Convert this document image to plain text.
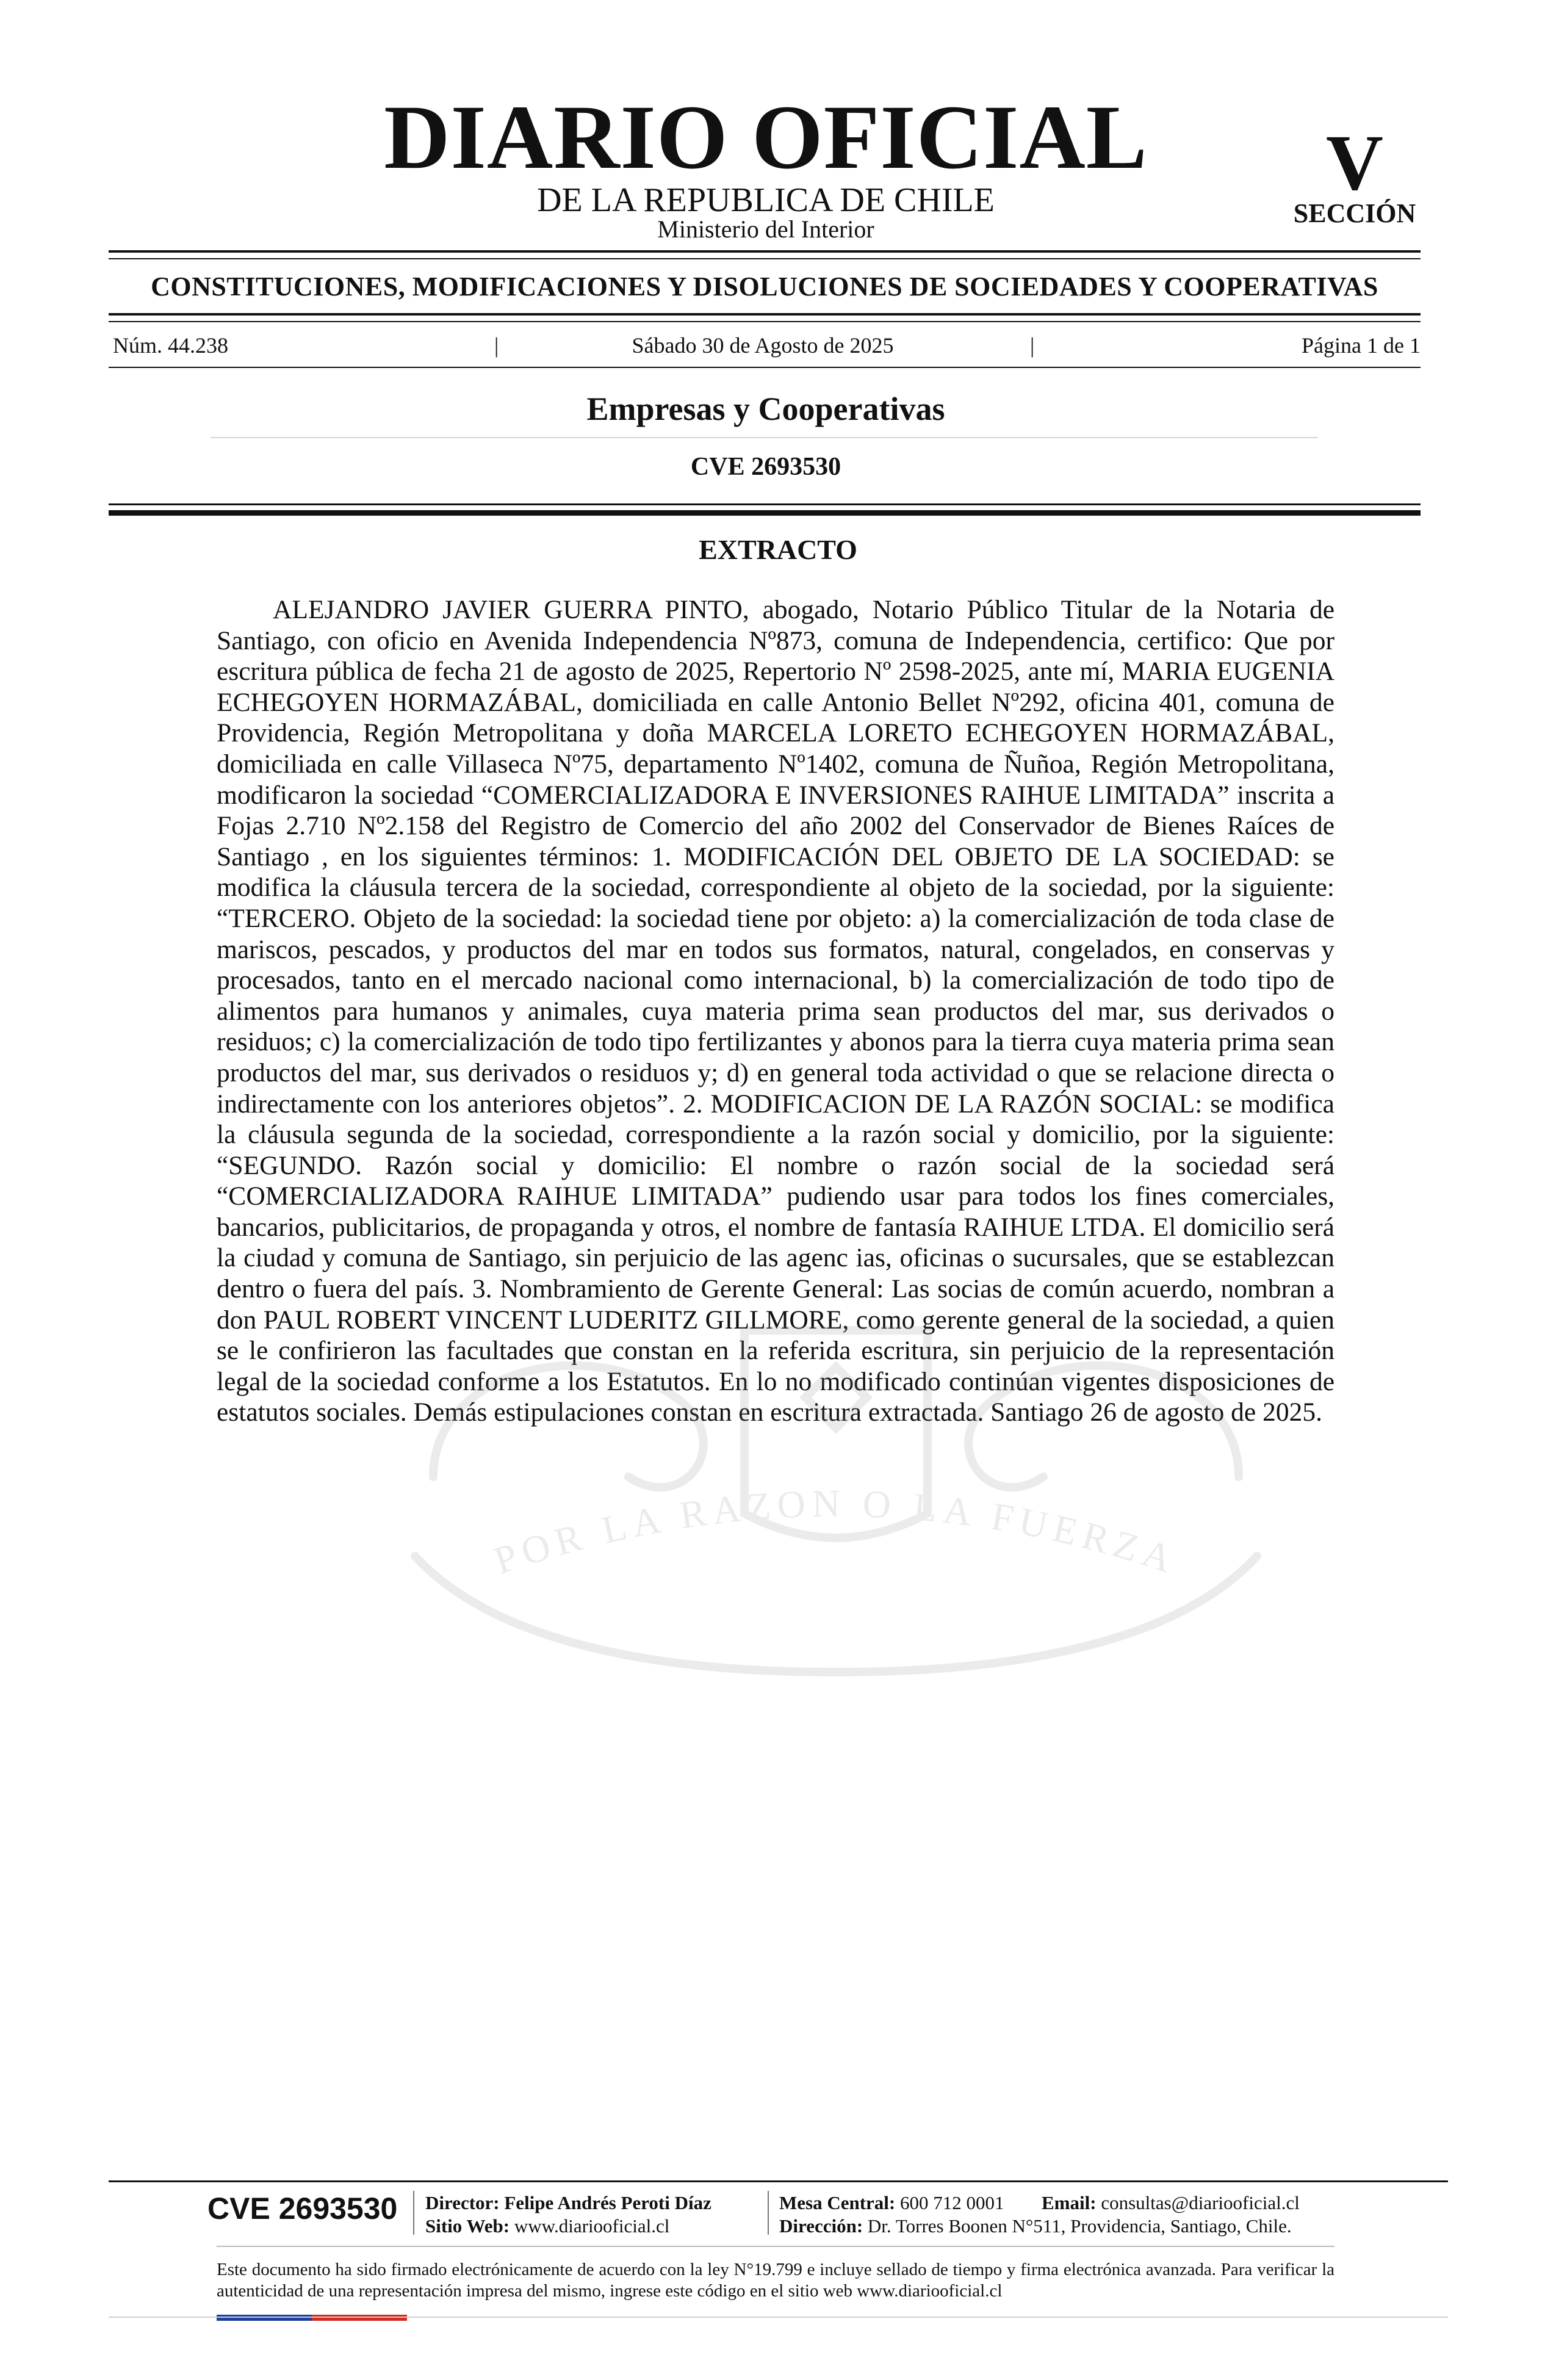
DIARIO OFICIAL
DE LA REPUBLICA DE CHILE
Ministerio del Interior
V
SECCIÓN
CONSTITUCIONES, MODIFICACIONES Y DISOLUCIONES DE SOCIEDADES Y COOPERATIVAS
Núm. 44.238	|	Sábado 30 de Agosto de 2025	|	Página 1 de 1
Empresas y Cooperativas
CVE 2693530
EXTRACTO

ALEJANDRO JAVIER GUERRA PINTO, abogado, Notario Público Titular de la Notaria de Santiago, con oficio en Avenida Independencia Nº873, comuna de Independencia, certifico: Que por escritura pública de fecha 21 de agosto de 2025, Repertorio Nº 2598-2025, ante mí, MARIA EUGENIA ECHEGOYEN HORMAZÁBAL, domiciliada en calle Antonio Bellet Nº292, oficina 401, comuna de Providencia, Región Metropolitana y doña MARCELA LORETO ECHEGOYEN HORMAZÁBAL, domiciliada en calle Villaseca Nº75, departamento Nº1402, comuna de Ñuñoa, Región Metropolitana, modificaron la sociedad “COMERCIALIZADORA E INVERSIONES RAIHUE LIMITADA” inscrita a Fojas 2.710 Nº2.158 del Registro de Comercio del año 2002 del Conservador de Bienes Raíces de Santiago , en los siguientes términos: 1. MODIFICACIÓN DEL OBJETO DE LA SOCIEDAD: se modifica la cláusula tercera de la sociedad, correspondiente al objeto de la sociedad, por la siguiente: “TERCERO. Objeto de la sociedad: la sociedad tiene por objeto: a) la comercialización de toda clase de mariscos, pescados, y productos del mar en todos sus formatos, natural, congelados, en conservas y procesados, tanto en el mercado nacional como internacional, b) la comercialización de todo tipo de alimentos para humanos y animales, cuya materia prima sean productos del mar, sus derivados o residuos; c) la comercialización de todo tipo fertilizantes y abonos para la tierra cuya materia prima sean productos del mar, sus derivados o residuos y; d) en general toda actividad o que se relacione directa o indirectamente con los anteriores objetos”. 2. MODIFICACION DE LA RAZÓN SOCIAL: se modifica la cláusula segunda de la sociedad, correspondiente a la razón social y domicilio, por la siguiente: “SEGUNDO. Razón social y domicilio: El nombre o razón social de la sociedad será “COMERCIALIZADORA RAIHUE LIMITADA” pudiendo usar para todos los fines comerciales, bancarios, publicitarios, de propaganda y otros, el nombre de fantasía RAIHUE LTDA. El domicilio será la ciudad y comuna de Santiago, sin perjuicio de las agenc ias, oficinas o sucursales, que se establezcan dentro o fuera del país. 3. Nombramiento de Gerente General: Las socias de común acuerdo, nombran a don PAUL ROBERT VINCENT LUDERITZ GILLMORE, como gerente general de la sociedad, a quien se le confirieron las facultades que constan en la referida escritura, sin perjuicio de la representación legal de la sociedad conforme a los Estatutos. En lo no modificado continúan vigentes disposiciones de estatutos sociales. Demás estipulaciones constan en escritura extractada. Santiago 26 de agosto de 2025.

POR LA RAZON O LA FUERZA
CVE 2693530 Director: Felipe Andrés Peroti Díaz
Sitio Web: www.diariooficial.cl
Mesa Central: 600 712 0001 Email: consultas@diariooficial.cl
Dirección: Dr. Torres Boonen N°511, Providencia, Santiago, Chile.

Este documento ha sido firmado electrónicamente de acuerdo con la ley N°19.799 e incluye sellado de tiempo y firma electrónica avanzada. Para verificar la autenticidad de una representación impresa del mismo, ingrese este código en el sitio web www.diariooficial.cl
